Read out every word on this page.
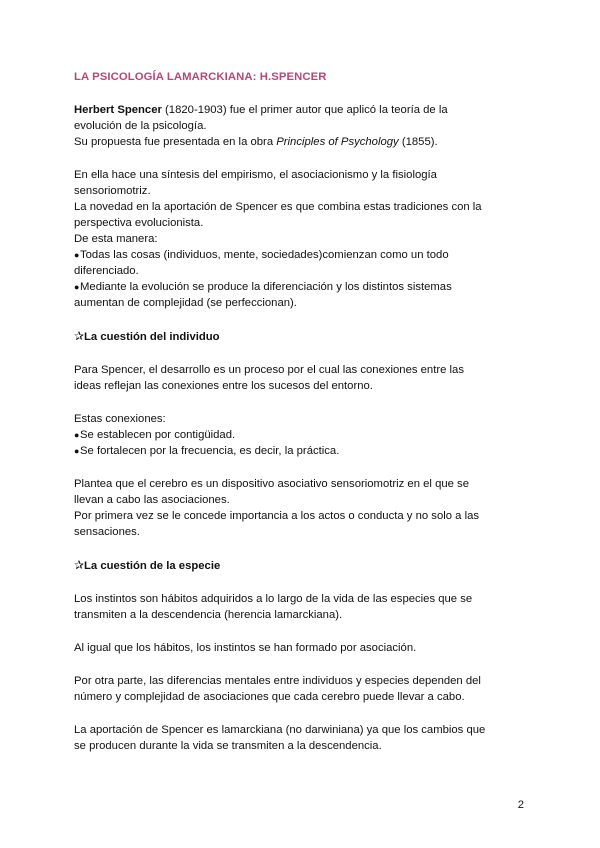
LA PSICOLOGÍA LAMARCKIANA: H.SPENCER

Herbert Spencer (1820-1903) fue el primer autor que aplicó la teoría de la
evolución de la psicología.
Su propuesta fue presentada en la obra Principles of Psychology (1855).

En ella hace una síntesis del empirismo, el asociacionismo y la fisiología
sensoriomotriz.
La novedad en la aportación de Spencer es que combina estas tradiciones con la
perspectiva evolucionista.
De esta manera:
●Todas las cosas (individuos, mente, sociedades)comienzan como un todo
diferenciado.
●Mediante la evolución se produce la diferenciación y los distintos sistemas
aumentan de complejidad (se perfeccionan).

✰La cuestión del individuo

Para Spencer, el desarrollo es un proceso por el cual las conexiones entre las
ideas reflejan las conexiones entre los sucesos del entorno.

Estas conexiones:
●Se establecen por contigüidad.
●Se fortalecen por la frecuencia, es decir, la práctica.

Plantea que el cerebro es un dispositivo asociativo sensoriomotriz en el que se
llevan a cabo las asociaciones.
Por primera vez se le concede importancia a los actos o conducta y no solo a las
sensaciones.

✰La cuestión de la especie

Los instintos son hábitos adquiridos a lo largo de la vida de las especies que se
transmiten a la descendencia (herencia lamarckiana).

Al igual que los hábitos, los instintos se han formado por asociación.

Por otra parte, las diferencias mentales entre individuos y especies dependen del
número y complejidad de asociaciones que cada cerebro puede llevar a cabo.

La aportación de Spencer es lamarckiana (no darwiniana) ya que los cambios que
se producen durante la vida se transmiten a la descendencia.

2
